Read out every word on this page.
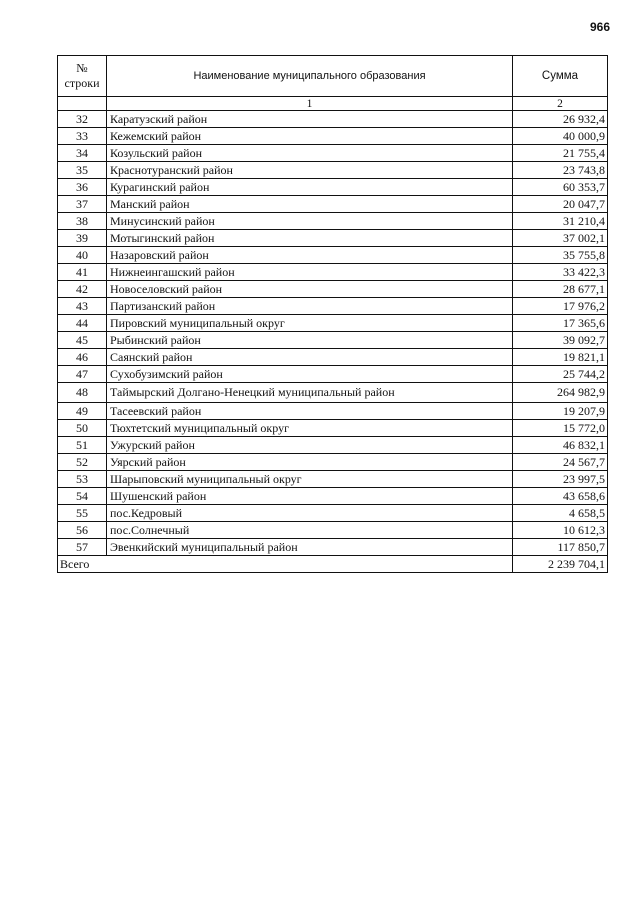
966
№ строки	Наименование муниципального образования	Сумма
	1	2
32	Каратузский район	26 932,4
33	Кежемский район	40 000,9
34	Козульский район	21 755,4
35	Краснотуранский район	23 743,8
36	Курагинский район	60 353,7
37	Манский район	20 047,7
38	Минусинский район	31 210,4
39	Мотыгинский район	37 002,1
40	Назаровский район	35 755,8
41	Нижнеингашский район	33 422,3
42	Новоселовский район	28 677,1
43	Партизанский район	17 976,2
44	Пировский муниципальный округ	17 365,6
45	Рыбинский район	39 092,7
46	Саянский район	19 821,1
47	Сухобузимский район	25 744,2
48	Таймырский Долгано-Ненецкий муниципальный район	264 982,9
49	Тасеевский район	19 207,9
50	Тюхтетский муниципальный округ	15 772,0
51	Ужурский район	46 832,1
52	Уярский район	24 567,7
53	Шарыповский муниципальный округ	23 997,5
54	Шушенский район	43 658,6
55	пос.Кедровый	4 658,5
56	пос.Солнечный	10 612,3
57	Эвенкийский муниципальный район	117 850,7
Всего		2 239 704,1
